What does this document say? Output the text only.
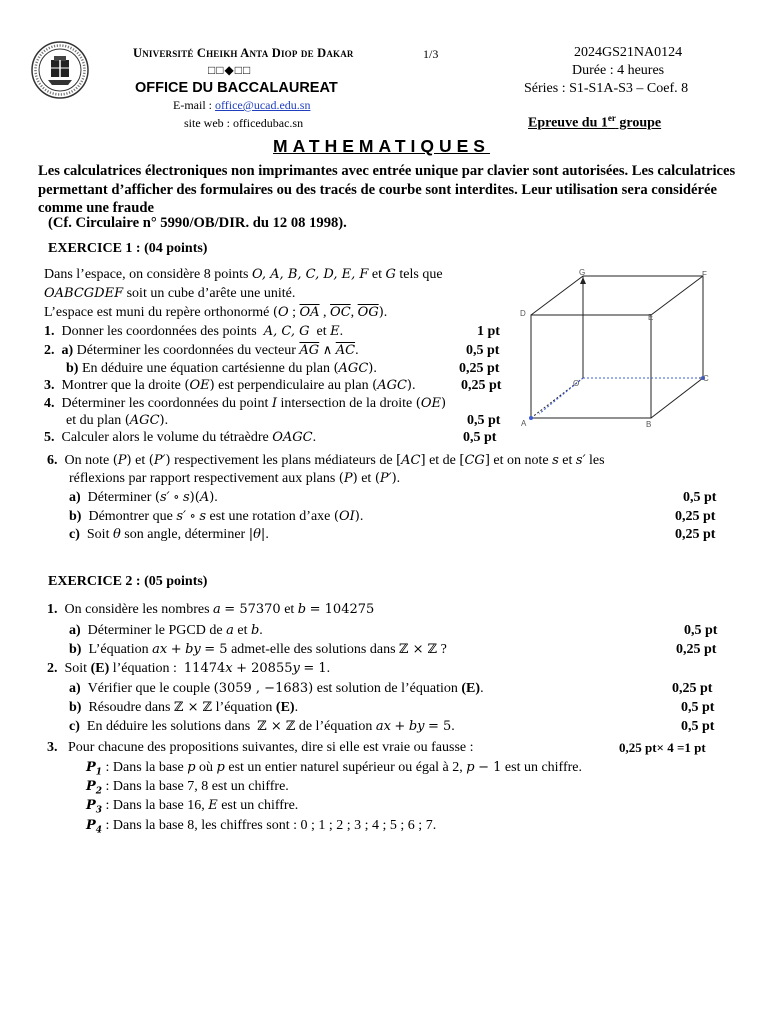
Université Cheikh Anta Diop de Dakar	1/3
□□◆□□
OFFICE DU BACCALAUREAT
E-mail : office@ucad.edu.sn
site web : officedubac.sn
2024GS21NA0124
Durée : 4 heures
Séries : S1-S1A-S3 – Coef. 8
Epreuve du 1er groupe
MATHEMATIQUES
Les calculatrices électroniques non imprimantes avec entrée unique par clavier sont autorisées. Les calculatrices permettant d’afficher des formulaires ou des tracés de courbe sont interdites. Leur utilisation sera considérée comme une fraude
(Cf. Circulaire n° 5990/OB/DIR. du 12 08 1998).
EXERCICE 1 : (04 points)
Dans l’espace, on considère 8 points O, A, B, C, D, E, F et G tels que
OABCGDEF soit un cube d’arête une unité.
L’espace est muni du repère orthonormé (O ; $\overline{OA}$ , $\overline{OC}$, $\overline{OG}$).
1.  Donner les coordonnées des points  A, C, G  et E.	1 pt
2. a) Déterminer les coordonnées du vecteur $\overline{AG}$ ∧ $\overline{AC}$.	0,5 pt
b) En déduire une équation cartésienne du plan (AGC).	0,25 pt
3.  Montrer que la droite (OE) est perpendiculaire au plan (AGC).	0,25 pt
4.  Déterminer les coordonnées du point I intersection de la droite (OE)
et du plan (AGC).	0,5 pt
5.  Calculer alors le volume du tétraèdre OAGC.	0,5 pt
G	F
D	E
O
C
A	B
6.  On note (P) et (P′) respectivement les plans médiateurs de [AC] et de [CG] et on note s et s′ les
réflexions par rapport respectivement aux plans (P) et (P′).
a)  Déterminer (s′ ∘ s)(A).	0,5 pt
b)  Démontrer que s′ ∘ s est une rotation d’axe (OI).	0,25 pt
c)  Soit θ son angle, déterminer |θ|.	0,25 pt
EXERCICE 2 : (05 points)
1.  On considère les nombres a = 57370 et b = 104275
a)  Déterminer le PGCD de a et b.	0,5 pt
b)  L’équation ax + by = 5 admet-elle des solutions dans ℤ × ℤ ?	0,25 pt
2.  Soit (E) l’équation :  11474x + 20855y = 1.
a)  Vérifier que le couple (3059 , −1683) est solution de l’équation (E).	0,25 pt
b)  Résoudre dans ℤ × ℤ l’équation (E).	0,5 pt
c)  En déduire les solutions dans  ℤ × ℤ de l’équation ax + by = 5.	0,5 pt
3.   Pour chacune des propositions suivantes, dire si elle est vraie ou fausse :	0,25 pt× 4 =1 pt
$P_1$ : Dans la base p où p est un entier naturel supérieur ou égal à 2, p − 1 est un chiffre.
$P_2$ : Dans la base 7, 8 est un chiffre.
$P_3$ : Dans la base 16, E est un chiffre.
$P_4$ : Dans la base 8, les chiffres sont : 0 ; 1 ; 2 ; 3 ; 4 ; 5 ; 6 ; 7.
